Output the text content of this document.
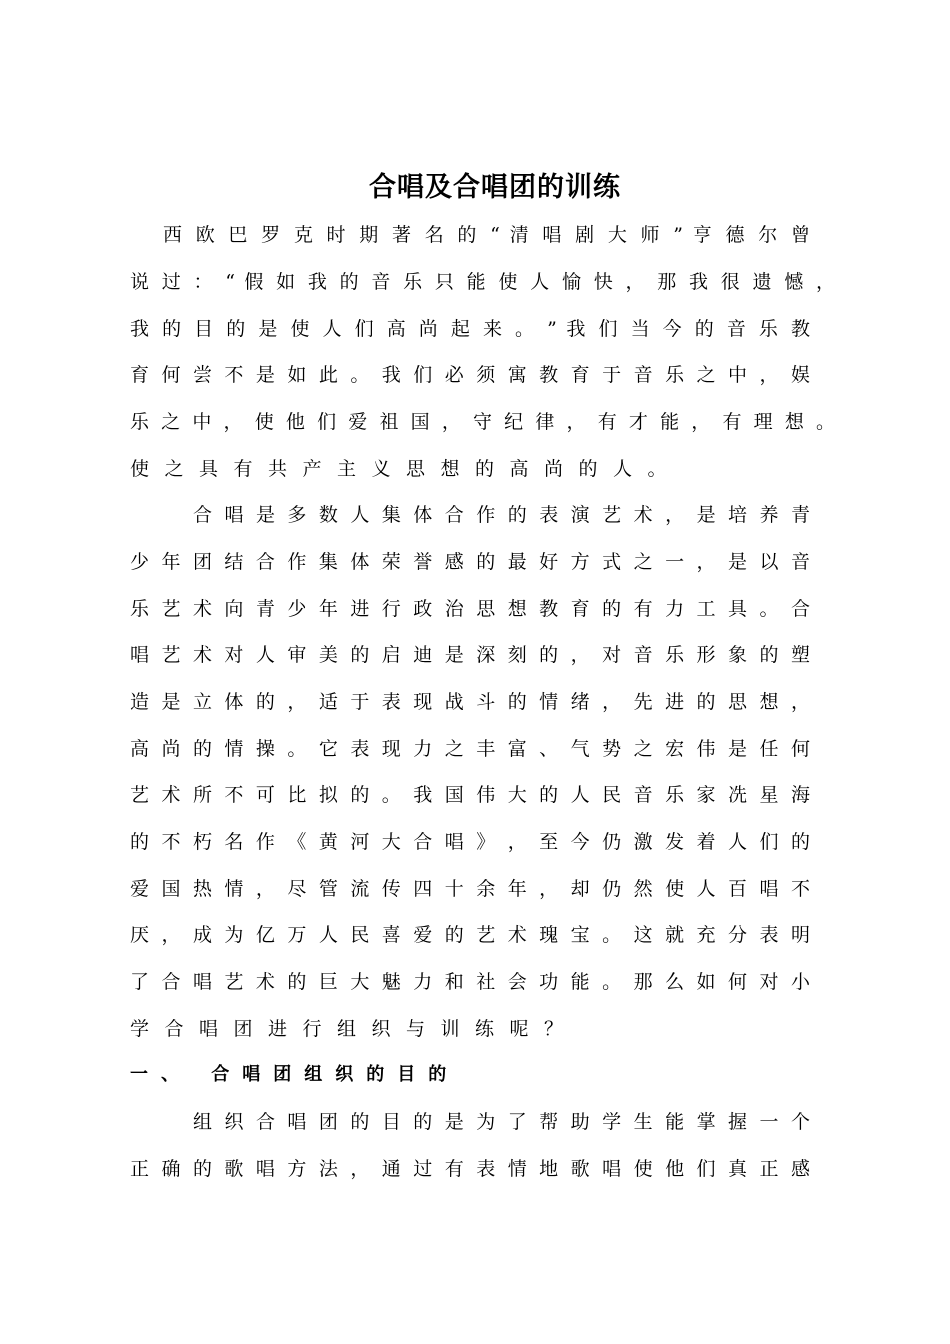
合唱及合唱团的训练
西 欧 巴 罗 克 时 期 著 名 的 “ 清 唱 剧 大 师 ” 亨 德 尔 曾
说 过 ： “ 假 如 我 的 音 乐 只 能 使 人 愉 快 ， 那 我 很 遗 憾 ，
我 的 目 的 是 使 人 们 高 尚 起 来 。 ” 我 们 当 今 的 音 乐 教
育 何 尝 不 是 如 此 。 我 们 必 须 寓 教 育 于 音 乐 之 中 ， 娱
乐 之 中 ， 使 他 们 爱 祖 国 ， 守 纪 律 ， 有 才 能 ， 有 理 想 。
使之具有共产主义思想的高尚的人。
合 唱 是 多 数 人 集 体 合 作 的 表 演 艺 术 ， 是 培 养 青
少 年 团 结 合 作 集 体 荣 誉 感 的 最 好 方 式 之 一 ， 是 以 音
乐 艺 术 向 青 少 年 进 行 政 治 思 想 教 育 的 有 力 工 具 。 合
唱 艺 术 对 人 审 美 的 启 迪 是 深 刻 的 ， 对 音 乐 形 象 的 塑
造 是 立 体 的 ， 适 于 表 现 战 斗 的 情 绪 ， 先 进 的 思 想 ，
高 尚 的 情 操 。 它 表 现 力 之 丰 富 、 气 势 之 宏 伟 是 任 何
艺 术 所 不 可 比 拟 的 。 我 国 伟 大 的 人 民 音 乐 家 冼 星 海
的 不 朽 名 作 《 黄 河 大 合 唱 》 ， 至 今 仍 激 发 着 人 们 的
爱 国 热 情 ， 尽 管 流 传 四 十 余 年 ， 却 仍 然 使 人 百 唱 不
厌 ， 成 为 亿 万 人 民 喜 爱 的 艺 术 瑰 宝 。 这 就 充 分 表 明
了 合 唱 艺 术 的 巨 大 魅 力 和 社 会 功 能 。 那 么 如 何 对 小
学合唱团进行组织与训练呢？
一、 合唱团组织的目的
组 织 合 唱 团 的 目 的 是 为 了 帮 助 学 生 能 掌 握 一 个
正 确 的 歌 唱 方 法 ， 通 过 有 表 情 地 歌 唱 使 他 们 真 正 感
